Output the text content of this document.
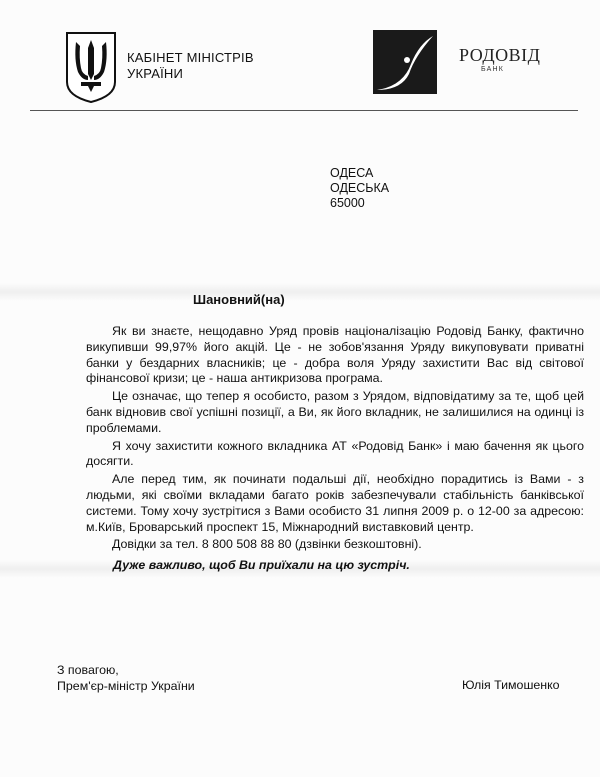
КАБІНЕТ МІНІСТРІВ
УКРАЇНИ
РОДОВІД
БАНК
ОДЕСА
ОДЕСЬКА
65000
Шановний(на)

Як ви знаєте, нещодавно Уряд провів націоналізацію Родовід Банку, фактично викупивши 99,97% його акцій. Це - не зобов'язання Уряду викуповувати приватні банки у бездарних власників; це - добра воля Уряду захистити Вас від світової фінансової кризи; це - наша антикризова програма.

Це означає, що тепер я особисто, разом з Урядом, відповідатиму за те, щоб цей банк відновив свої успішні позиції, а Ви, як його вкладник, не залишилися на одинці із проблемами.

Я хочу захистити кожного вкладника АТ «Родовід Банк» і маю бачення як цього досягти.

Але перед тим, як починати подальші дії, необхідно порадитись із Вами - з людьми, які своїми вкладами багато років забезпечували стабільність банківської системи. Тому хочу зустрітися з Вами особисто 31 липня 2009 р. о 12-00 за адресою: м.Київ, Броварський проспект 15, Міжнародний виставковий центр.

Довідки за тел. 8 800 508 88 80 (дзвінки безкоштовні).

Дуже важливо, щоб Ви приїхали на цю зустріч.
З повагою,
Прем'єр-міністр України	Юлія Тимошенко
